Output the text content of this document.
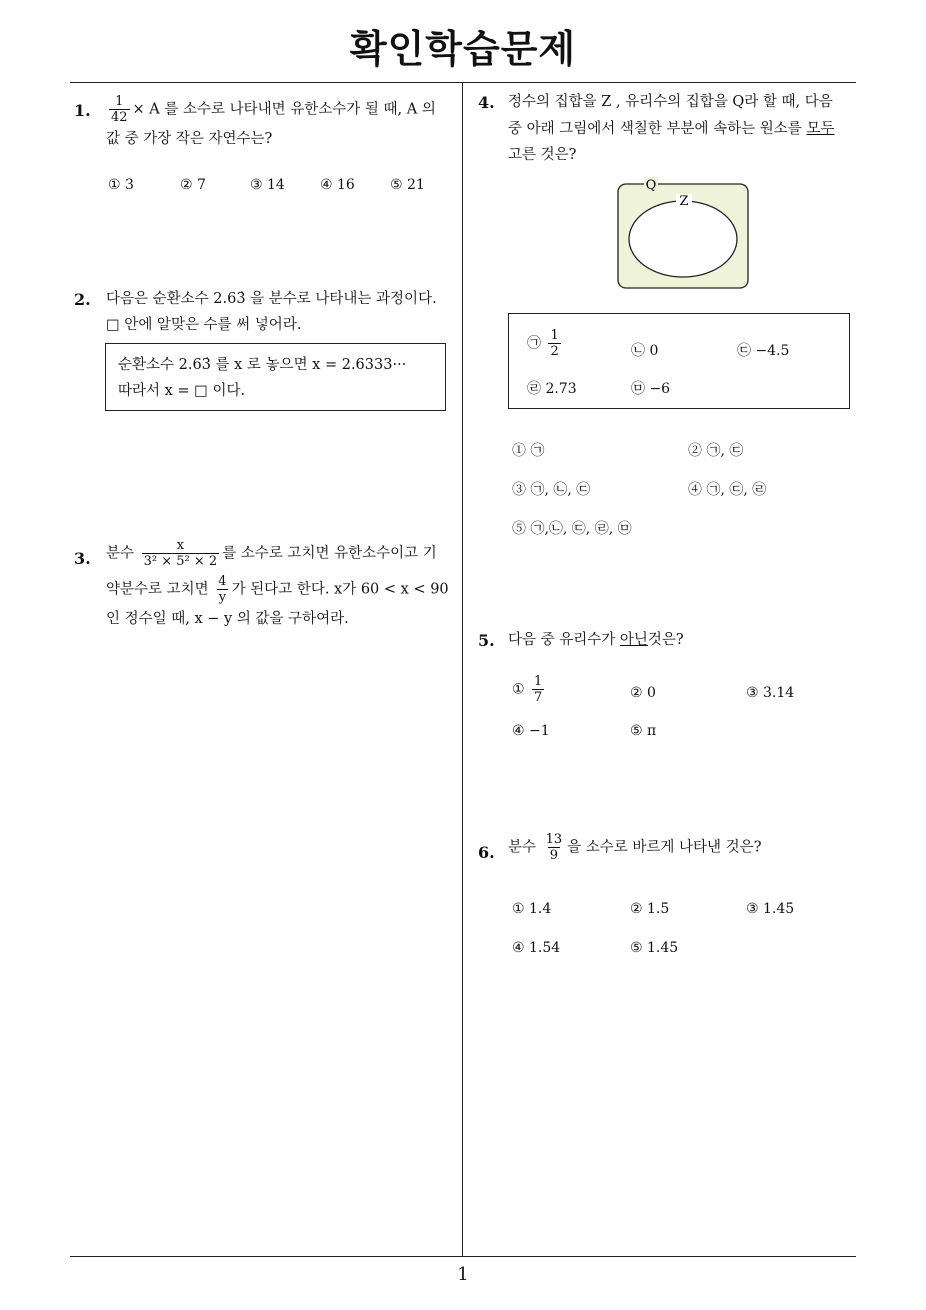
확인학습문제
1. $\frac{1}{42} \times A$ 를 소수로 나타내면 유한소수가 될 때, A 의
값 중 가장 작은 자연수는?
① 3	② 7	③ 14	④ 16	⑤ 21
2. 다음은 순환소수 2.63̇ 을 분수로 나타내는 과정이다.
□ 안에 알맞은 수를 써 넣어라.
순환소수 2.63̇ 를 x 로 놓으면 x = 2.6333···
따라서 x = □ 이다.
3. 분수 $\frac{x}{\text{3² × 5² × 2}}$ 를 소수로 고치면 유한소수이고 기
약분수로 고치면 $\frac{4}{y}$ 가 된다고 한다. x가 60 < x < 90
인 정수일 때, x − y 의 값을 구하여라.
4. 정수의 집합을 Z , 유리수의 집합을 Q라 할 때, 다음
중 아래 그림에서 색칠한 부분에 속하는 원소를 모두
고른 것은?
Q
Z
㉠ $\frac{1}{2}$	㉡ 0	㉢ −4.5
㉣ 2.73	㉤ −6
① ㉠	② ㉠, ㉢
③ ㉠, ㉡, ㉢	④ ㉠, ㉢, ㉣
⑤ ㉠,㉡, ㉢, ㉣, ㉤
5. 다음 중 유리수가 아닌것은?
① $\frac{1}{7}$	② 0	③ 3.14
④ −1	⑤ π
6. 분수 $\frac{13}{9}$ 을 소수로 바르게 나타낸 것은?
① 1.4̇	② 1.5̇	③ 1.45̇
④ 1.5̇4̇	⑤ 1.45̇
1
